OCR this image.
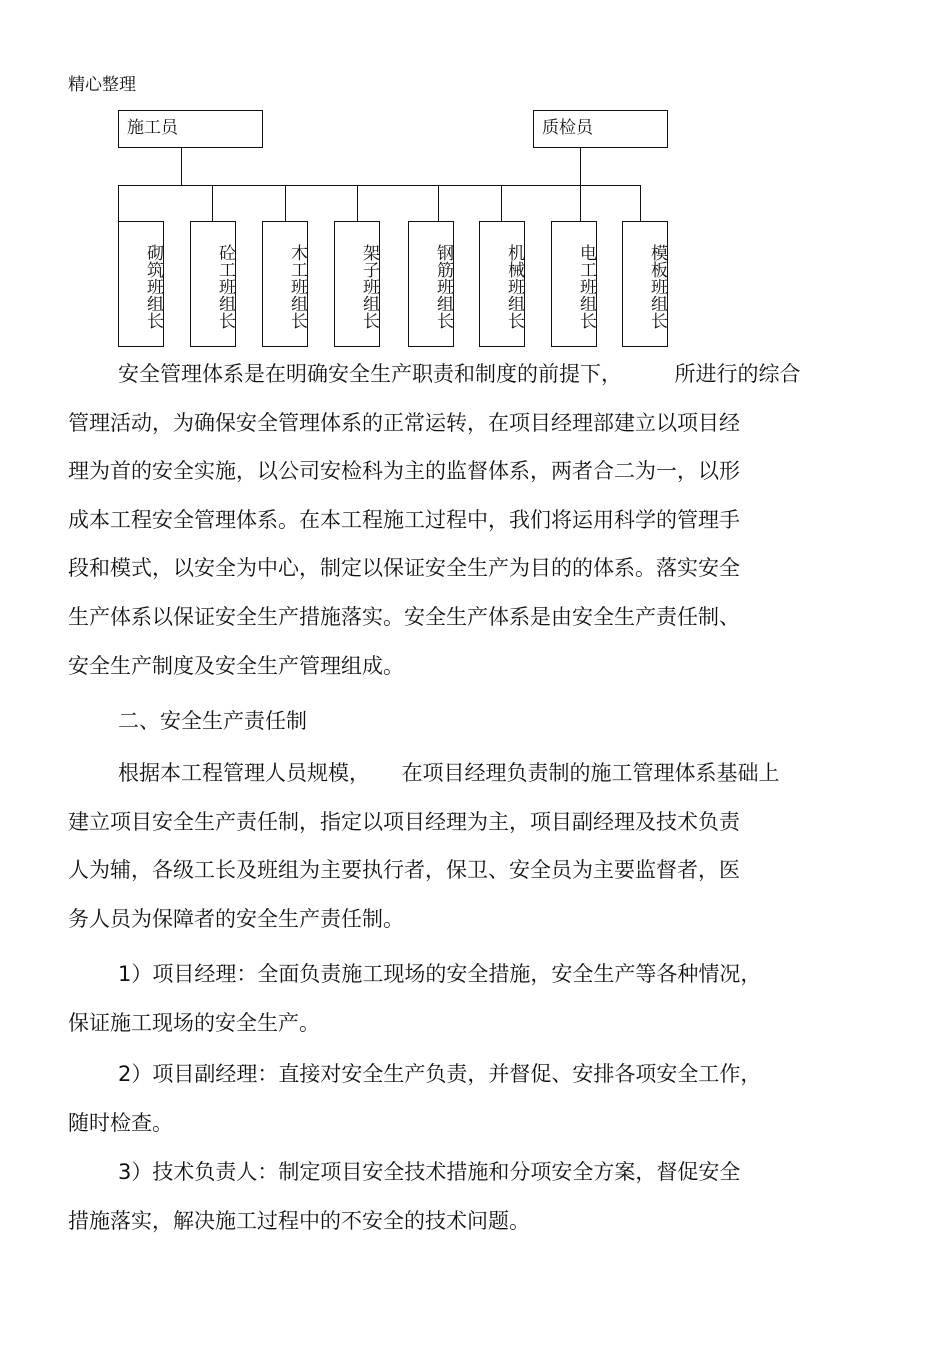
精心整理
施工员	质检员
砌筑班组长	砼工班组长	木工班组长	架子班组长	钢筋班组长	机械班组长	电工班组长	模板班组长
安全管理体系是在明确安全生产职责和制度的前提下，　　　所进行的综合
管理活动，为确保安全管理体系的正常运转，在项目经理部建立以项目经
理为首的安全实施，以公司安检科为主的监督体系，两者合二为一，以形
成本工程安全管理体系。在本工程施工过程中，我们将运用科学的管理手
段和模式，以安全为中心，制定以保证安全生产为目的的体系。落实安全
生产体系以保证安全生产措施落实。安全生产体系是由安全生产责任制、
安全生产制度及安全生产管理组成。
二、安全生产责任制
根据本工程管理人员规模，　　在项目经理负责制的施工管理体系基础上
建立项目安全生产责任制，指定以项目经理为主，项目副经理及技术负责
人为辅，各级工长及班组为主要执行者，保卫、安全员为主要监督者，医
务人员为保障者的安全生产责任制。
1）项目经理：全面负责施工现场的安全措施，安全生产等各种情况，
保证施工现场的安全生产。
2）项目副经理：直接对安全生产负责，并督促、安排各项安全工作，
随时检查。
3）技术负责人：制定项目安全技术措施和分项安全方案，督促安全
措施落实，解决施工过程中的不安全的技术问题。
